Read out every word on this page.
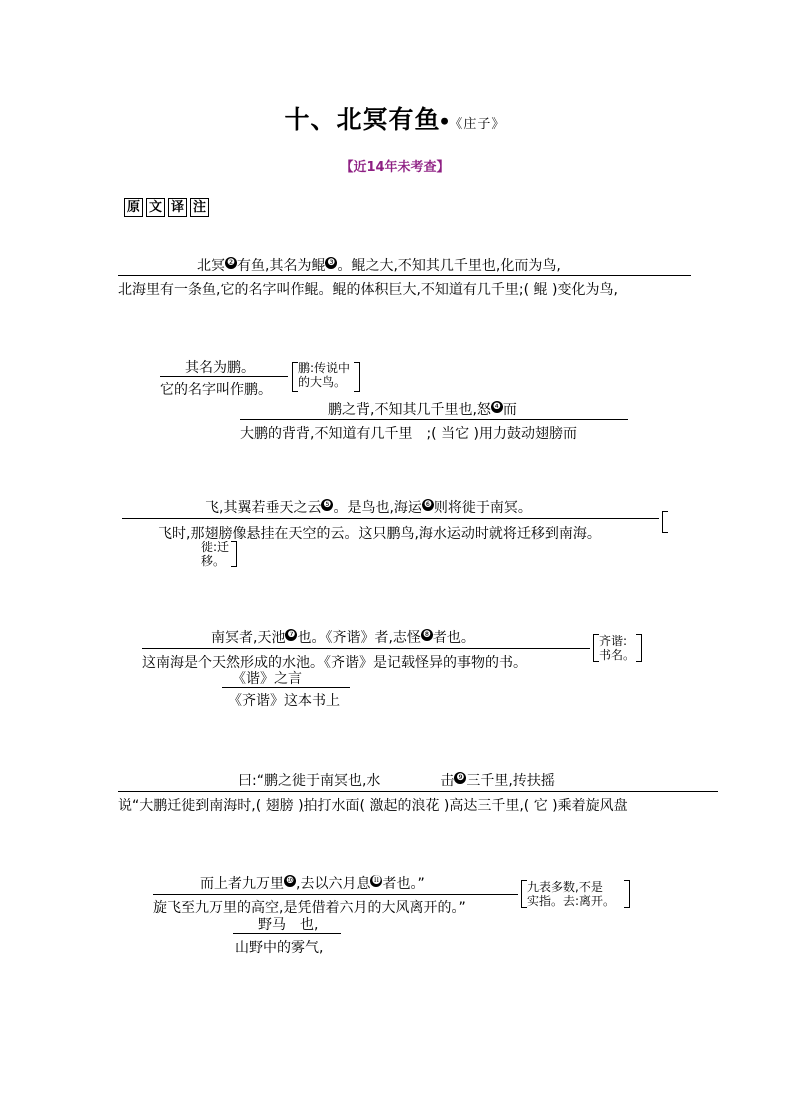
十、北冥有鱼●《庄子》
【近14年未考查】
原 文 译 注
北冥 ❷ 有鱼,其名为鲲 ❸ 。鲲之大,不知其几千里也,化而为鸟,
北海里有一条鱼,它的名字叫作鲲。鲲的体积巨大,不知道有几千里;( 鲲 )变化为鸟,
其名为鹏。
它的名字叫作鹏。
鹏:传说中
的大鸟。
鹏之背,不知其几千里也,怒 ❹ 而
大鹏的背背,不知道有几千里　;( 当它 )用力鼓动翅膀而
飞,其翼若垂天之云 ❺ 。是鸟也,海运 ❻ 则将徙于南冥。
飞时,那翅膀像悬挂在天空的云。这只鹏鸟,海水运动时就将迁移到南海。
徙:迁
移。
南冥者,天池 ❼ 也。《齐谐》者,志怪 ❽ 者也。
这南海是个天然形成的水池。《齐谐》是记载怪异的事物的书。
齐谐:
书名。
《谐》之言
《齐谐》这本书上
曰:“鹏之徙于南冥也,水	击 ❾ 三千里,抟扶摇
说“大鹏迁徙到南海时,( 翅膀 )拍打水面( 激起的浪花 )高达三千里,( 它 )乘着旋风盘
而上者九万里 ❿ ,去以六月息⓫ 者也。”
旋飞至九万里的高空,是凭借着六月的大风离开的。”
九表多数,不是
实指。去:离开。
野马　也,
山野中的雾气,
